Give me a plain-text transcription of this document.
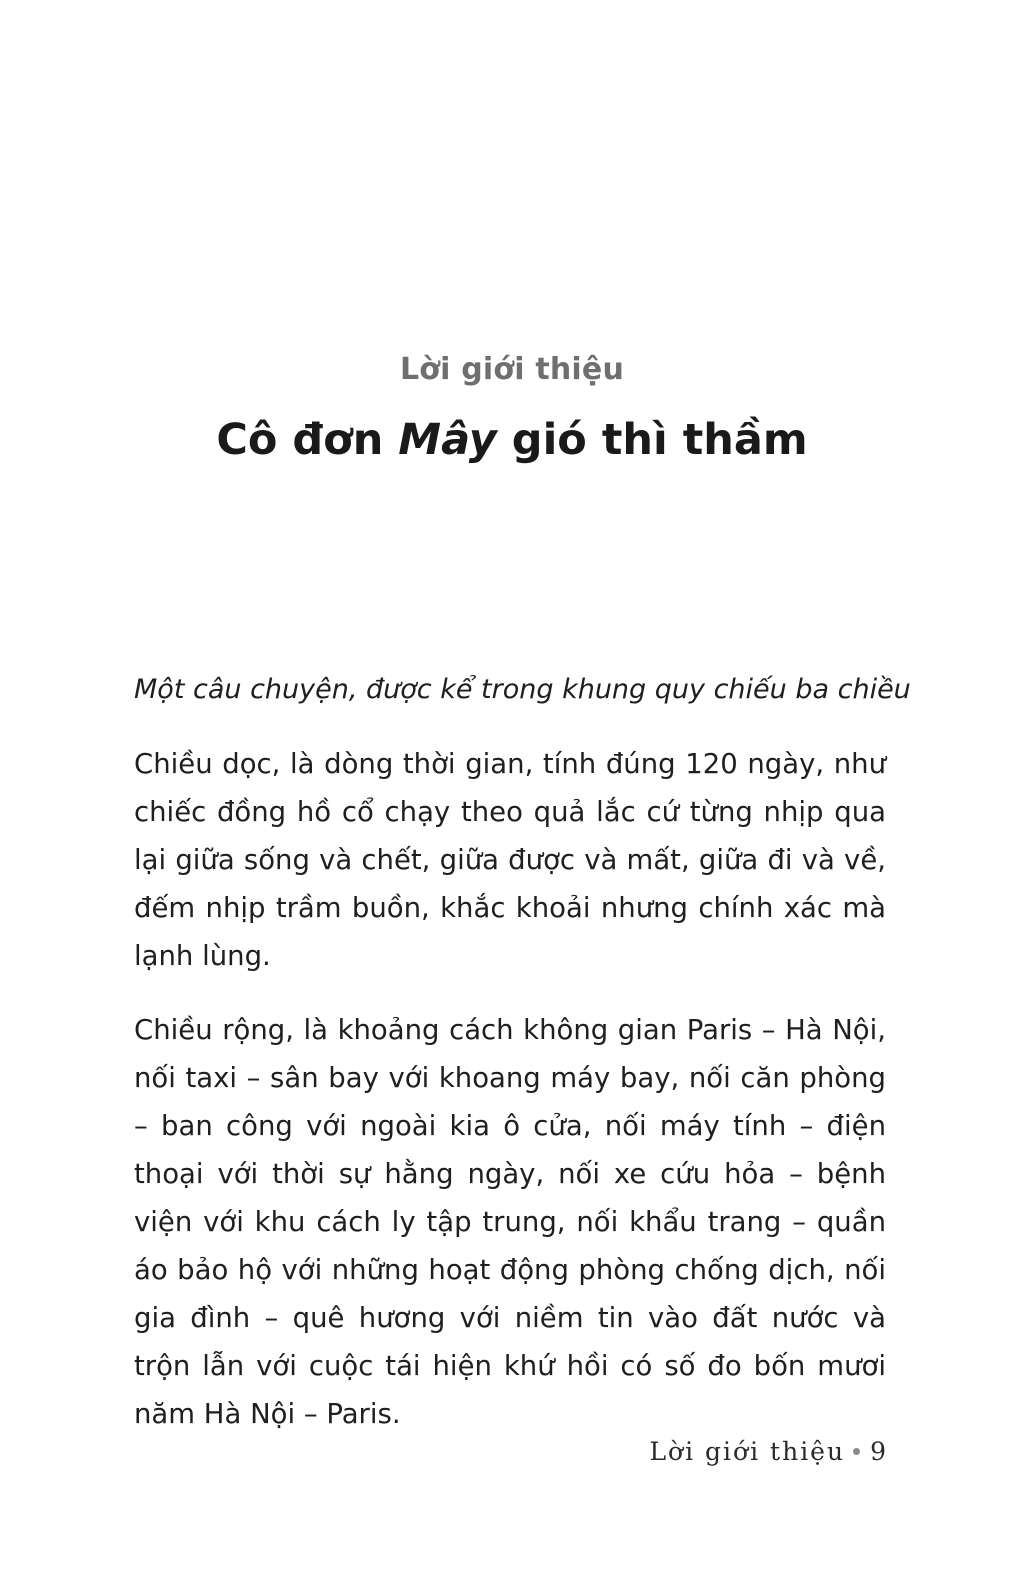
Lời giới thiệu
Cô đơn Mây gió thì thầm
Một câu chuyện, được kể trong khung quy chiếu ba chiều
Chiều dọc, là dòng thời gian, tính đúng 120 ngày, như chiếc đồng hồ cổ chạy theo quả lắc cứ từng nhịp qua lại giữa sống và chết, giữa được và mất, giữa đi và về, đếm nhịp trầm buồn, khắc khoải nhưng chính xác mà lạnh lùng.
Chiều rộng, là khoảng cách không gian Paris – Hà Nội, nối taxi – sân bay với khoang máy bay, nối căn phòng – ban công với ngoài kia ô cửa, nối máy tính – điện thoại với thời sự hằng ngày, nối xe cứu hỏa – bệnh viện với khu cách ly tập trung, nối khẩu trang – quần áo bảo hộ với những hoạt động phòng chống dịch, nối gia đình – quê hương với niềm tin vào đất nước và trộn lẫn với cuộc tái hiện khứ hồi có số đo bốn mươi năm Hà Nội – Paris.
Lời giới thiệu 9
